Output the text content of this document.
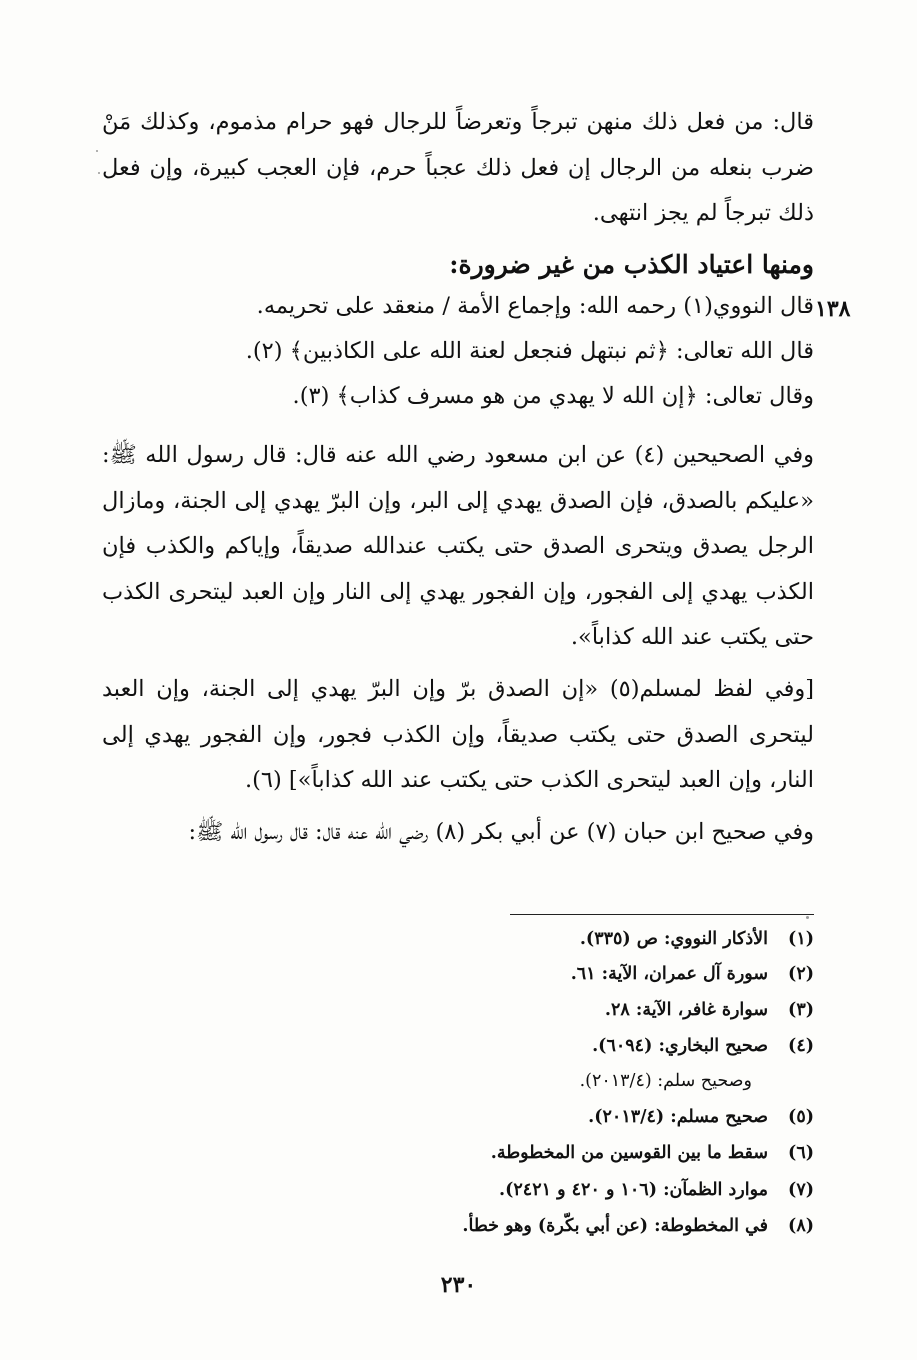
قال: من فعل ذلك منهن تبرجاً وتعرضاً للرجال فهو حرام مذموم، وكذلك مَنْ ضرب بنعله من الرجال إن فعل ذلك عجباً حرم، فإن العجب كبيرة، وإن فعل ذلك تبرجاً لم يجز انتهى.

ومنها اعتياد الكذب من غير ضرورة:
١٣٨

قال النووي(١) رحمه الله: وإجماع الأمة / منعقد على تحريمه.

قال الله تعالى: ﴿ثم نبتهل فنجعل لعنة الله على الكاذبين﴾ (٢).

وقال تعالى: ﴿إن الله لا يهدي من هو مسرف كذاب﴾ (٣).

وفي الصحيحين (٤) عن ابن مسعود رضي الله عنه قال: قال رسول الله ﷺ: «عليكم بالصدق، فإن الصدق يهدي إلى البر، وإن البرّ يهدي إلى الجنة، ومازال الرجل يصدق ويتحرى الصدق حتى يكتب عندالله صديقاً، وإياكم والكذب فإن الكذب يهدي إلى الفجور، وإن الفجور يهدي إلى النار وإن العبد ليتحرى الكذب حتى يكتب عند الله كذاباً».

[وفي لفظ لمسلم(٥) «إن الصدق برّ وإن البرّ يهدي إلى الجنة، وإن العبد ليتحرى الصدق حتى يكتب صديقاً، وإن الكذب فجور، وإن الفجور يهدي إلى النار، وإن العبد ليتحرى الكذب حتى يكتب عند الله كذاباً»] (٦).

وفي صحيح ابن حبان (٧) عن أبي بكر (٨) رضي الله عنه قال: قال رسول الله ﷺ:

(١)الأذكار النووي: ص (٣٣٥).
(٢)سورة آل عمران، الآية: ٦١.
(٣)سوارة غافر، الآية: ٢٨.
(٤)صحيح البخاري: (٦٠٩٤).
وصحيح سلم: (٢٠١٣/٤).
(٥)صحيح مسلم: (٢٠١٣/٤).
(٦)سقط ما بين القوسين من المخطوطة.
(٧)موارد الظمآن: (١٠٦ و ٤٢٠ و ٢٤٢١).
(٨)في المخطوطة: (عن أبي بكّرة) وهو خطأ.
٢٣٠
